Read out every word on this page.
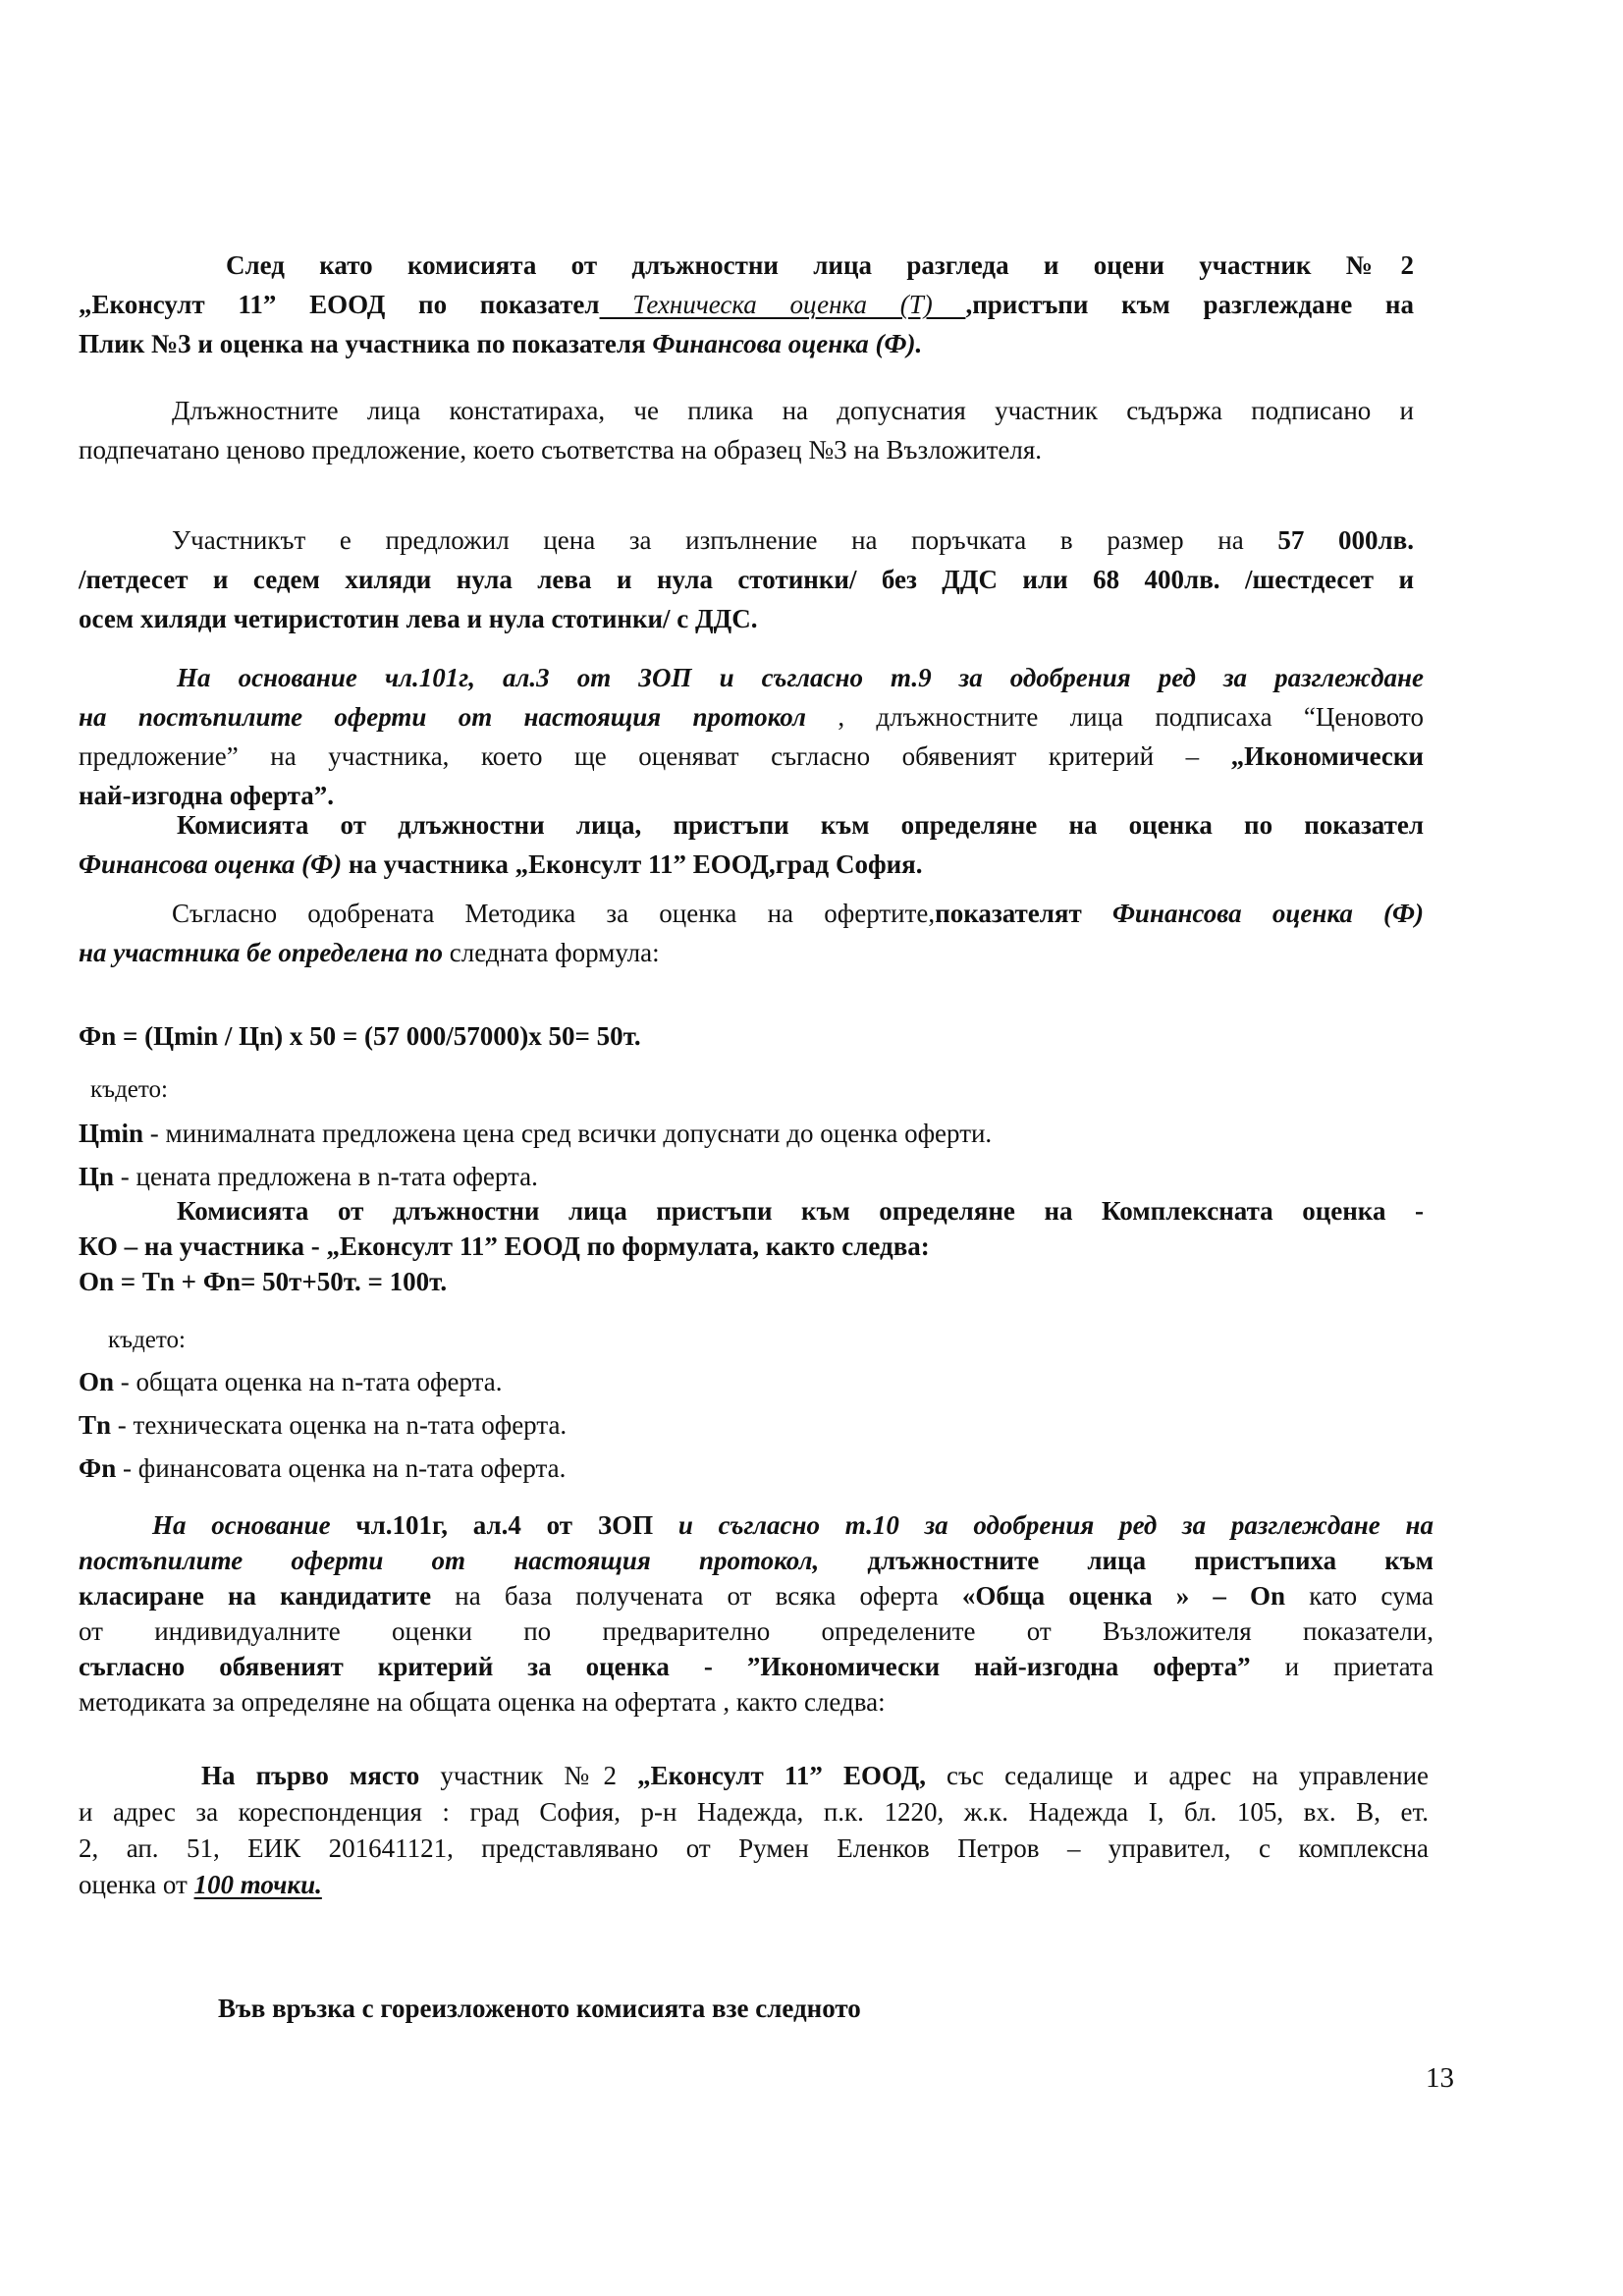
След като комисията от длъжностни лица разгледа и оцени участник №2
„Еконсулт 11” ЕООД по показател Техническа оценка (Т) ,пристъпи към разглеждане на
Плик №3 и оценка на участника по показателя Финансова оценка (Ф).
Длъжностните лица констатираха, че плика на допуснатия участник съдържа подписано и
подпечатано ценово предложение, което съответства на образец №3 на Възложителя.
Участникът е предложил цена за изпълнение на поръчката в размер на 57 000лв.
/петдесет и седем хиляди нула лева и нула стотинки/ без ДДС или 68 400лв. /шестдесет и
осем хиляди четиристотин лева и нула стотинки/ с ДДС.
На основание чл.101г, ал.3 от ЗОП и съгласно т.9 за одобрения ред за разглеждане
на постъпилите оферти от настоящия протокол , длъжностните лица подписаха “Ценовото
предложение” на участника, което ще оценяват съгласно обявеният критерий – „Икономически
най-изгодна оферта”.
Комисията от длъжностни лица, пристъпи към определяне на оценка по показател
Финансова оценка (Ф) на участника „Еконсулт 11” ЕООД,град София.
Съгласно одобрената Методика за оценка на офертите,показателят Финансова оценка (Ф)
на участника бе определена по следната формула:
Фn = (Цmin / Цn) x 50 = (57 000/57000)x 50= 50т.
където:
Цmin - минималната предложена цена сред всички допуснати до оценка оферти.
Цn - цената предложена в n-тата оферта.
Комисията от длъжностни лица пристъпи към определяне на Комплексната оценка -
КО – на участника - „Еконсулт 11” ЕООД по формулата, както следва:
Оn = Тn + Фn= 50т+50т. = 100т.
където:
Оn - общата оценка на n-тата оферта.
Тn - техническата оценка на n-тата оферта.
Фn - финансовата оценка на n-тата оферта.
На основание чл.101г, ал.4 от ЗОП и съгласно т.10 за одобрения ред за разглеждане на
постъпилите оферти от настоящия протокол, длъжностните лица пристъпиха към
класиране на кандидатите на база получената от всяка оферта «Обща оценка » – Оn като сума
от индивидуалните оценки по предварително определените от Възложителя показатели,
съгласно обявеният критерий за оценка - ”Икономически най-изгодна оферта” и приетата
методиката за определяне на общата оценка на офертата , както следва:
На първо място участник №2 „Еконсулт 11” ЕООД, със седалище и адрес на управление
и адрес за кореспонденция : град София, р-н Надежда, п.к. 1220, ж.к. Надежда І, бл. 105, вх. В, ет.
2, ап. 51, ЕИК 201641121, представлявано от Румен Еленков Петров – управител, с комплексна
оценка от 100 точки.
Във връзка с гореизложеното комисията взе следното
13
